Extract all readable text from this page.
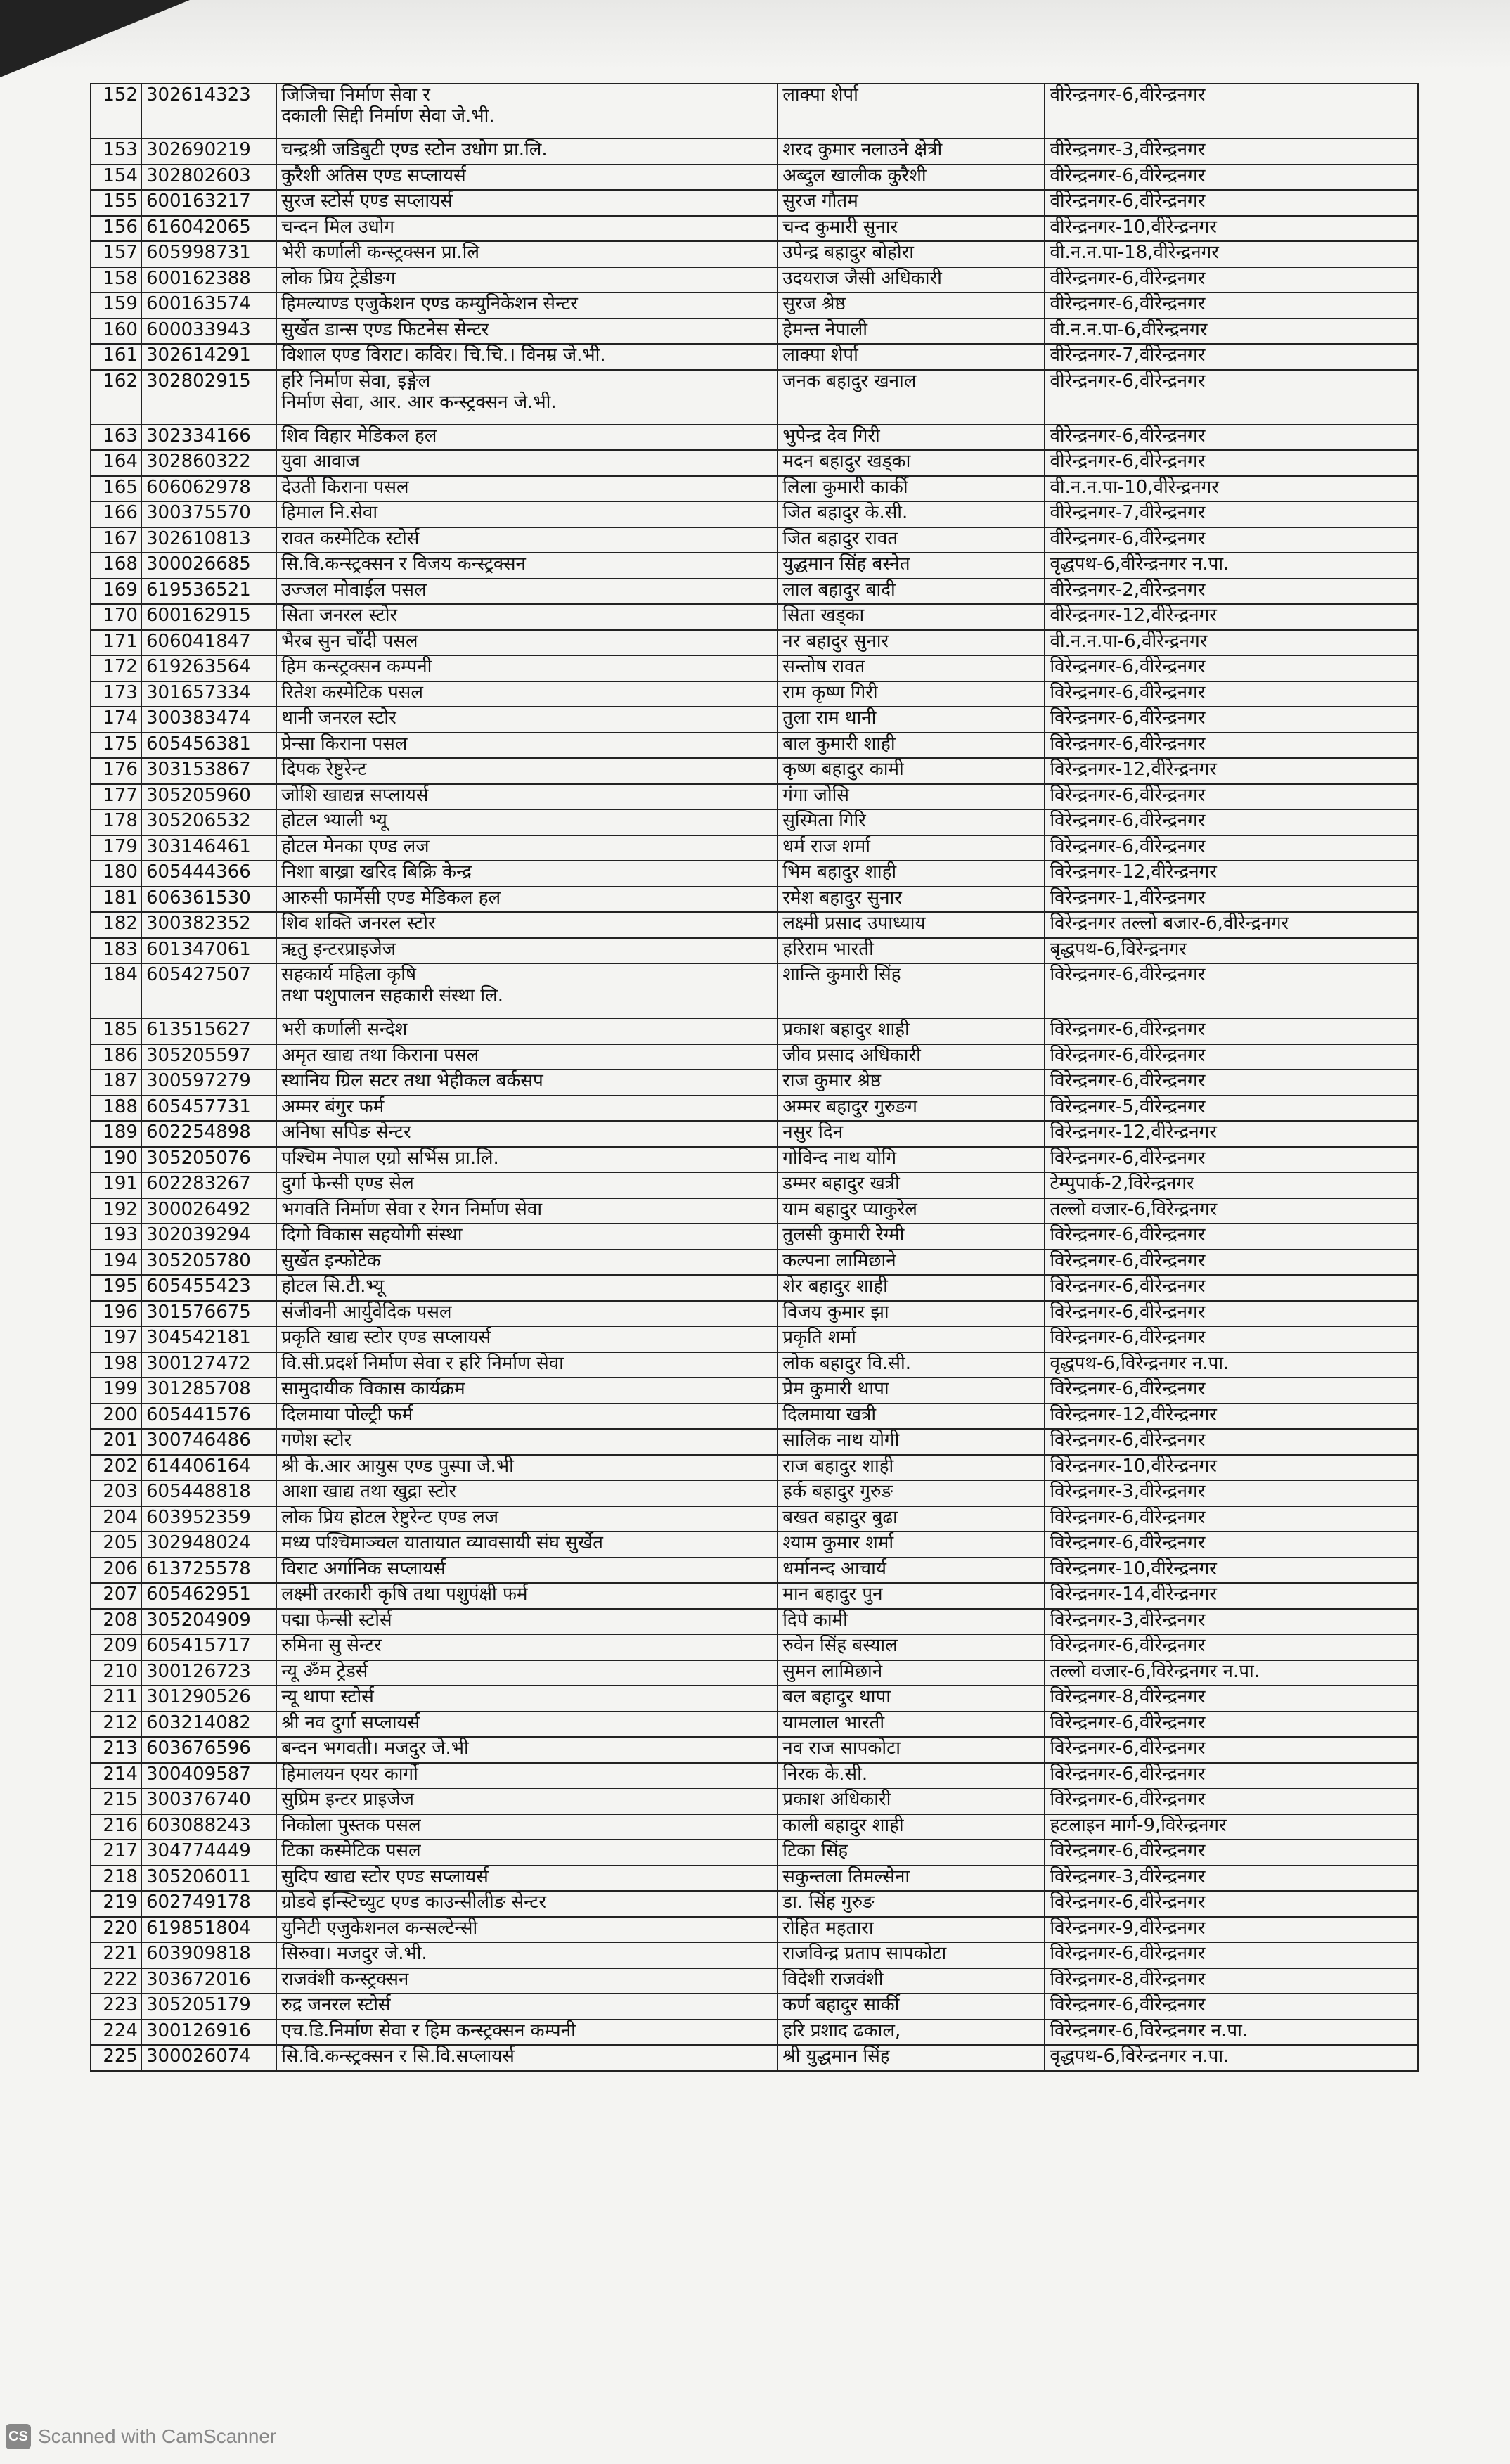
152	302614323	जिजिचा निर्माण सेवा र
दकाली सिद्दी निर्माण सेवा जे.भी.	लाक्पा शेर्पा	वीरेन्द्रनगर-6,वीरेन्द्रनगर
153	302690219	चन्द्रश्री जडिबुटी एण्ड स्टोन उधोग प्रा.लि.	शरद कुमार नलाउने क्षेत्री	वीरेन्द्रनगर-3,वीरेन्द्रनगर
154	302802603	कुरैशी अतिस एण्ड सप्लायर्स	अब्दुल खालीक कुरैशी	वीरेन्द्रनगर-6,वीरेन्द्रनगर
155	600163217	सुरज स्टोर्स एण्ड सप्लायर्स	सुरज गौतम	वीरेन्द्रनगर-6,वीरेन्द्रनगर
156	616042065	चन्दन मिल उधोग	चन्द कुमारी सुनार	वीरेन्द्रनगर-10,वीरेन्द्रनगर
157	605998731	भेरी कर्णाली कन्स्ट्रक्सन प्रा.लि	उपेन्द्र बहादुर बोहोरा	वी.न.न.पा-18,वीरेन्द्रनगर
158	600162388	लोक प्रिय ट्रेडीङग	उदयराज जैसी अधिकारी	वीरेन्द्रनगर-6,वीरेन्द्रनगर
159	600163574	हिमल्याण्ड एजुकेशन एण्ड कम्युनिकेशन सेन्टर	सुरज श्रेष्ठ	वीरेन्द्रनगर-6,वीरेन्द्रनगर
160	600033943	सुर्खेत डान्स एण्ड फिटनेस सेन्टर	हेमन्त नेपाली	वी.न.न.पा-6,वीरेन्द्रनगर
161	302614291	विशाल एण्ड विराट। कविर। चि.चि.। विनम्र जे.भी.	लाक्पा शेर्पा	वीरेन्द्रनगर-7,वीरेन्द्रनगर
162	302802915	हरि निर्माण सेवा, इङ्गेल
निर्माण सेवा, आर. आर कन्स्ट्रक्सन जे.भी.	जनक बहादुर खनाल	वीरेन्द्रनगर-6,वीरेन्द्रनगर
163	302334166	शिव विहार मेडिकल हल	भुपेन्द्र देव गिरी	वीरेन्द्रनगर-6,वीरेन्द्रनगर
164	302860322	युवा आवाज	मदन बहादुर खड्का	वीरेन्द्रनगर-6,वीरेन्द्रनगर
165	606062978	देउती किराना पसल	लिला कुमारी कार्की	वी.न.न.पा-10,वीरेन्द्रनगर
166	300375570	हिमाल नि.सेवा	जित बहादुर के.सी.	वीरेन्द्रनगर-7,वीरेन्द्रनगर
167	302610813	रावत कस्मेटिक स्टोर्स	जित बहादुर रावत	वीरेन्द्रनगर-6,वीरेन्द्रनगर
168	300026685	सि.वि.कन्स्ट्रक्सन र विजय कन्स्ट्रक्सन	युद्धमान सिंह बस्नेत	वृद्धपथ-6,वीरेन्द्रनगर न.पा.
169	619536521	उज्जल मोवाईल पसल	लाल बहादुर बादी	वीरेन्द्रनगर-2,वीरेन्द्रनगर
170	600162915	सिता जनरल स्टोर	सिता खड्का	वीरेन्द्रनगर-12,वीरेन्द्रनगर
171	606041847	भैरब सुन चाँदी पसल	नर बहादुर सुनार	वी.न.न.पा-6,वीरेन्द्रनगर
172	619263564	हिम कन्स्ट्रक्सन कम्पनी	सन्तोष रावत	विरेन्द्रनगर-6,वीरेन्द्रनगर
173	301657334	रितेश कस्मेटिक पसल	राम कृष्ण गिरी	विरेन्द्रनगर-6,वीरेन्द्रनगर
174	300383474	थानी जनरल स्टोर	तुला राम थानी	विरेन्द्रनगर-6,वीरेन्द्रनगर
175	605456381	प्रेन्सा किराना पसल	बाल कुमारी शाही	विरेन्द्रनगर-6,वीरेन्द्रनगर
176	303153867	दिपक रेष्टुरेन्ट	कृष्ण बहादुर कामी	विरेन्द्रनगर-12,वीरेन्द्रनगर
177	305205960	जोशि खाद्यन्न सप्लायर्स	गंगा जोसि	विरेन्द्रनगर-6,वीरेन्द्रनगर
178	305206532	होटल भ्याली भ्यू	सुस्मिता गिरि	विरेन्द्रनगर-6,वीरेन्द्रनगर
179	303146461	होटल मेनका एण्ड लज	धर्म राज शर्मा	विरेन्द्रनगर-6,वीरेन्द्रनगर
180	605444366	निशा बाख्रा खरिद बिक्रि केन्द्र	भिम बहादुर शाही	विरेन्द्रनगर-12,वीरेन्द्रनगर
181	606361530	आरुसी फार्मेसी एण्ड मेडिकल हल	रमेश बहादुर सुनार	विरेन्द्रनगर-1,वीरेन्द्रनगर
182	300382352	शिव शक्ति जनरल स्टोर	लक्ष्मी प्रसाद उपाध्याय	विरेन्द्रनगर तल्लो बजार-6,वीरेन्द्रनगर
183	601347061	ऋतु इन्टरप्राइजेज	हरिराम भारती	बृद्धपथ-6,विरेन्द्रनगर
184	605427507	सहकार्य महिला कृषि
तथा पशुपालन सहकारी संस्था लि.	शान्ति कुमारी सिंह	विरेन्द्रनगर-6,वीरेन्द्रनगर
185	613515627	भरी कर्णाली सन्देश	प्रकाश बहादुर शाही	विरेन्द्रनगर-6,वीरेन्द्रनगर
186	305205597	अमृत खाद्य तथा किराना पसल	जीव प्रसाद अधिकारी	विरेन्द्रनगर-6,वीरेन्द्रनगर
187	300597279	स्थानिय ग्रिल सटर तथा भेहीकल बर्कसप	राज कुमार श्रेष्ठ	विरेन्द्रनगर-6,वीरेन्द्रनगर
188	605457731	अम्मर बंगुर फर्म	अम्मर बहादुर गुरुङग	विरेन्द्रनगर-5,वीरेन्द्रनगर
189	602254898	अनिषा सपिङ सेन्टर	नसुर दिन	विरेन्द्रनगर-12,वीरेन्द्रनगर
190	305205076	पश्चिम नेपाल एग्रो सर्भिस प्रा.लि.	गोविन्द नाथ योगि	विरेन्द्रनगर-6,वीरेन्द्रनगर
191	602283267	दुर्गा फेन्सी एण्ड सेल	डम्मर बहादुर खत्री	टेम्पुपार्क-2,विरेन्द्रनगर
192	300026492	भगवति निर्माण सेवा र रेगन निर्माण सेवा	याम बहादुर प्याकुरेल	तल्लो वजार-6,विरेन्द्रनगर
193	302039294	दिगो विकास सहयोगी संस्था	तुलसी कुमारी रेग्मी	विरेन्द्रनगर-6,वीरेन्द्रनगर
194	305205780	सुर्खेत इन्फोटेक	कल्पना लामिछाने	विरेन्द्रनगर-6,वीरेन्द्रनगर
195	605455423	होटल सि.टी.भ्यू	शेर बहादुर शाही	विरेन्द्रनगर-6,वीरेन्द्रनगर
196	301576675	संजीवनी आर्युवेदिक पसल	विजय कुमार झा	विरेन्द्रनगर-6,वीरेन्द्रनगर
197	304542181	प्रकृति खाद्य स्टोर एण्ड सप्लायर्स	प्रकृति शर्मा	विरेन्द्रनगर-6,वीरेन्द्रनगर
198	300127472	वि.सी.प्रदर्श निर्माण सेवा र हरि निर्माण सेवा	लोक बहादुर वि.सी.	वृद्धपथ-6,विरेन्द्रनगर न.पा.
199	301285708	सामुदायीक विकास कार्यक्रम	प्रेम कुमारी थापा	विरेन्द्रनगर-6,वीरेन्द्रनगर
200	605441576	दिलमाया पोल्ट्री फर्म	दिलमाया खत्री	विरेन्द्रनगर-12,वीरेन्द्रनगर
201	300746486	गणेश स्टोर	सालिक नाथ योगी	विरेन्द्रनगर-6,वीरेन्द्रनगर
202	614406164	श्री के.आर आयुस एण्ड पुस्पा जे.भी	राज बहादुर शाही	विरेन्द्रनगर-10,वीरेन्द्रनगर
203	605448818	आशा खाद्य तथा खुद्रा स्टोर	हर्क बहादुर गुरुङ	विरेन्द्रनगर-3,वीरेन्द्रनगर
204	603952359	लोक प्रिय होटल रेष्टुरेन्ट एण्ड लज	बखत बहादुर बुढा	विरेन्द्रनगर-6,वीरेन्द्रनगर
205	302948024	मध्य पश्चिमाञ्चल यातायात व्यावसायी संघ सुर्खेत	श्याम कुमार शर्मा	विरेन्द्रनगर-6,वीरेन्द्रनगर
206	613725578	विराट अर्गानिक सप्लायर्स	धर्मानन्द आचार्य	विरेन्द्रनगर-10,वीरेन्द्रनगर
207	605462951	लक्ष्मी तरकारी कृषि तथा पशुपंक्षी फर्म	मान बहादुर पुन	विरेन्द्रनगर-14,वीरेन्द्रनगर
208	305204909	पद्मा फेन्सी स्टोर्स	दिपे कामी	विरेन्द्रनगर-3,वीरेन्द्रनगर
209	605415717	रुमिना सु सेन्टर	रुवेन सिंह बस्याल	विरेन्द्रनगर-6,वीरेन्द्रनगर
210	300126723	न्यू ॐम ट्रेडर्स	सुमन लामिछाने	तल्लो वजार-6,विरेन्द्रनगर न.पा.
211	301290526	न्यू थापा स्टोर्स	बल बहादुर थापा	विरेन्द्रनगर-8,वीरेन्द्रनगर
212	603214082	श्री नव दुर्गा सप्लायर्स	यामलाल भारती	विरेन्द्रनगर-6,वीरेन्द्रनगर
213	603676596	बन्दन भगवती। मजदुर जे.भी	नव राज सापकोटा	विरेन्द्रनगर-6,वीरेन्द्रनगर
214	300409587	हिमालयन एयर कार्गो	निरक के.सी.	विरेन्द्रनगर-6,वीरेन्द्रनगर
215	300376740	सुप्रिम इन्टर प्राइजेज	प्रकाश अधिकारी	विरेन्द्रनगर-6,वीरेन्द्रनगर
216	603088243	निकोला पुस्तक पसल	काली बहादुर शाही	हटलाइन मार्ग-9,विरेन्द्रनगर
217	304774449	टिका कस्मेटिक पसल	टिका सिंह	विरेन्द्रनगर-6,वीरेन्द्रनगर
218	305206011	सुदिप खाद्य स्टोर एण्ड सप्लायर्स	सकुन्तला तिमल्सेना	विरेन्द्रनगर-3,वीरेन्द्रनगर
219	602749178	ग्रोडवे इन्स्टिच्युट एण्ड काउन्सीलीङ सेन्टर	डा. सिंह गुरुङ	विरेन्द्रनगर-6,वीरेन्द्रनगर
220	619851804	युनिटी एजुकेशनल कन्सल्टेन्सी	रोहित महतारा	विरेन्द्रनगर-9,वीरेन्द्रनगर
221	603909818	सिरुवा। मजदुर जे.भी.	राजविन्द्र प्रताप सापकोटा	विरेन्द्रनगर-6,वीरेन्द्रनगर
222	303672016	राजवंशी कन्स्ट्रक्सन	विदेशी राजवंशी	विरेन्द्रनगर-8,वीरेन्द्रनगर
223	305205179	रुद्र जनरल स्टोर्स	कर्ण बहादुर सार्की	विरेन्द्रनगर-6,वीरेन्द्रनगर
224	300126916	एच.डि.निर्माण सेवा र हिम कन्स्ट्रक्सन कम्पनी	हरि प्रशाद ढकाल,	विरेन्द्रनगर-6,विरेन्द्रनगर न.पा.
225	300026074	सि.वि.कन्स्ट्रक्सन र सि.वि.सप्लायर्स	श्री युद्धमान सिंह	वृद्धपथ-6,विरेन्द्रनगर न.पा.
CS Scanned with CamScanner
